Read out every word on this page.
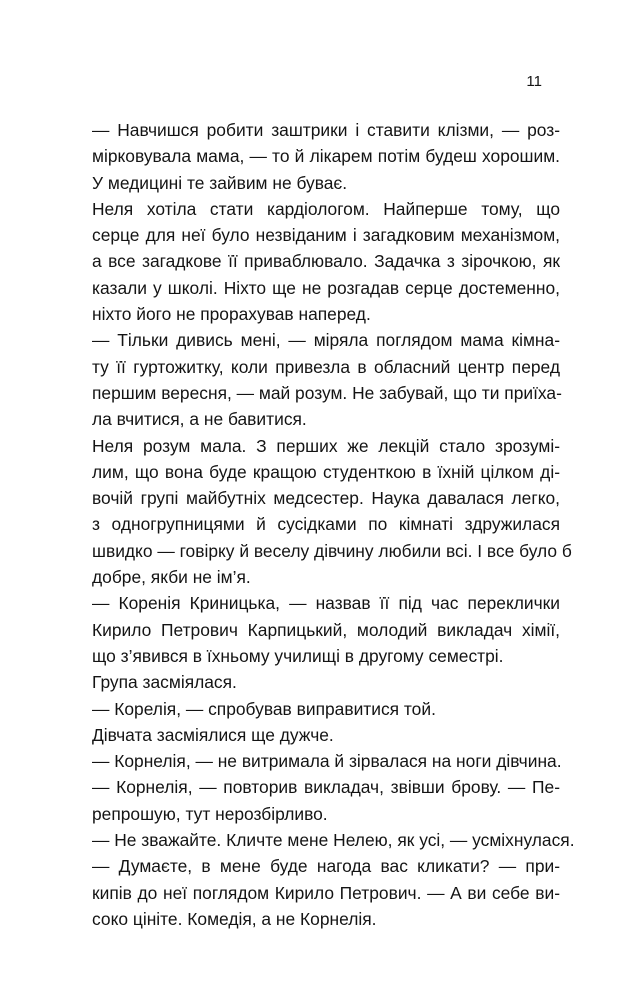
11
— Навчишся робити заштрики і ставити клізми, — роз-
мірковувала мама, — то й лікарем потім будеш хорошим.
У медицині те зайвим не буває.
Неля хотіла стати кардіологом. Найперше тому, що
серце для неї було незвіданим і загадковим механізмом,
а все загадкове її приваблювало. Задачка з зірочкою, як
казали у школі. Ніхто ще не розгадав серце достеменно,
ніхто його не прорахував наперед.
— Тільки дивись мені, — міряла поглядом мама кімна-
ту її гуртожитку, коли привезла в обласний центр перед
першим вересня, — май розум. Не забувай, що ти приїха-
ла вчитися, а не бавитися.
Неля розум мала. З перших же лекцій стало зрозумі-
лим, що вона буде кращою студенткою в їхній цілком ді-
вочій групі майбутніх медсестер. Наука давалася легко,
з одногрупницями й сусідками по кімнаті здружилася
швидко — говірку й веселу дівчину любили всі. І все було б
добре, якби не ім’я.
— Коренія Криницька, — назвав її під час переклички
Кирило Петрович Карпицький, молодий викладач хімії,
що з’явився в їхньому училищі в другому семестрі.
Група засміялася.
— Корелія, — спробував виправитися той.
Дівчата засміялися ще дужче.
— Корнелія, — не витримала й зірвалася на ноги дівчина.
— Корнелія, — повторив викладач, звівши брову. — Пе-
репрошую, тут нерозбірливо.
— Не зважайте. Кличте мене Нелею, як усі, — усміхнулася.
— Думаєте, в мене буде нагода вас кликати? — при-
кипів до неї поглядом Кирило Петрович. — А ви себе ви-
соко цініте. Комедія, а не Корнелія.
